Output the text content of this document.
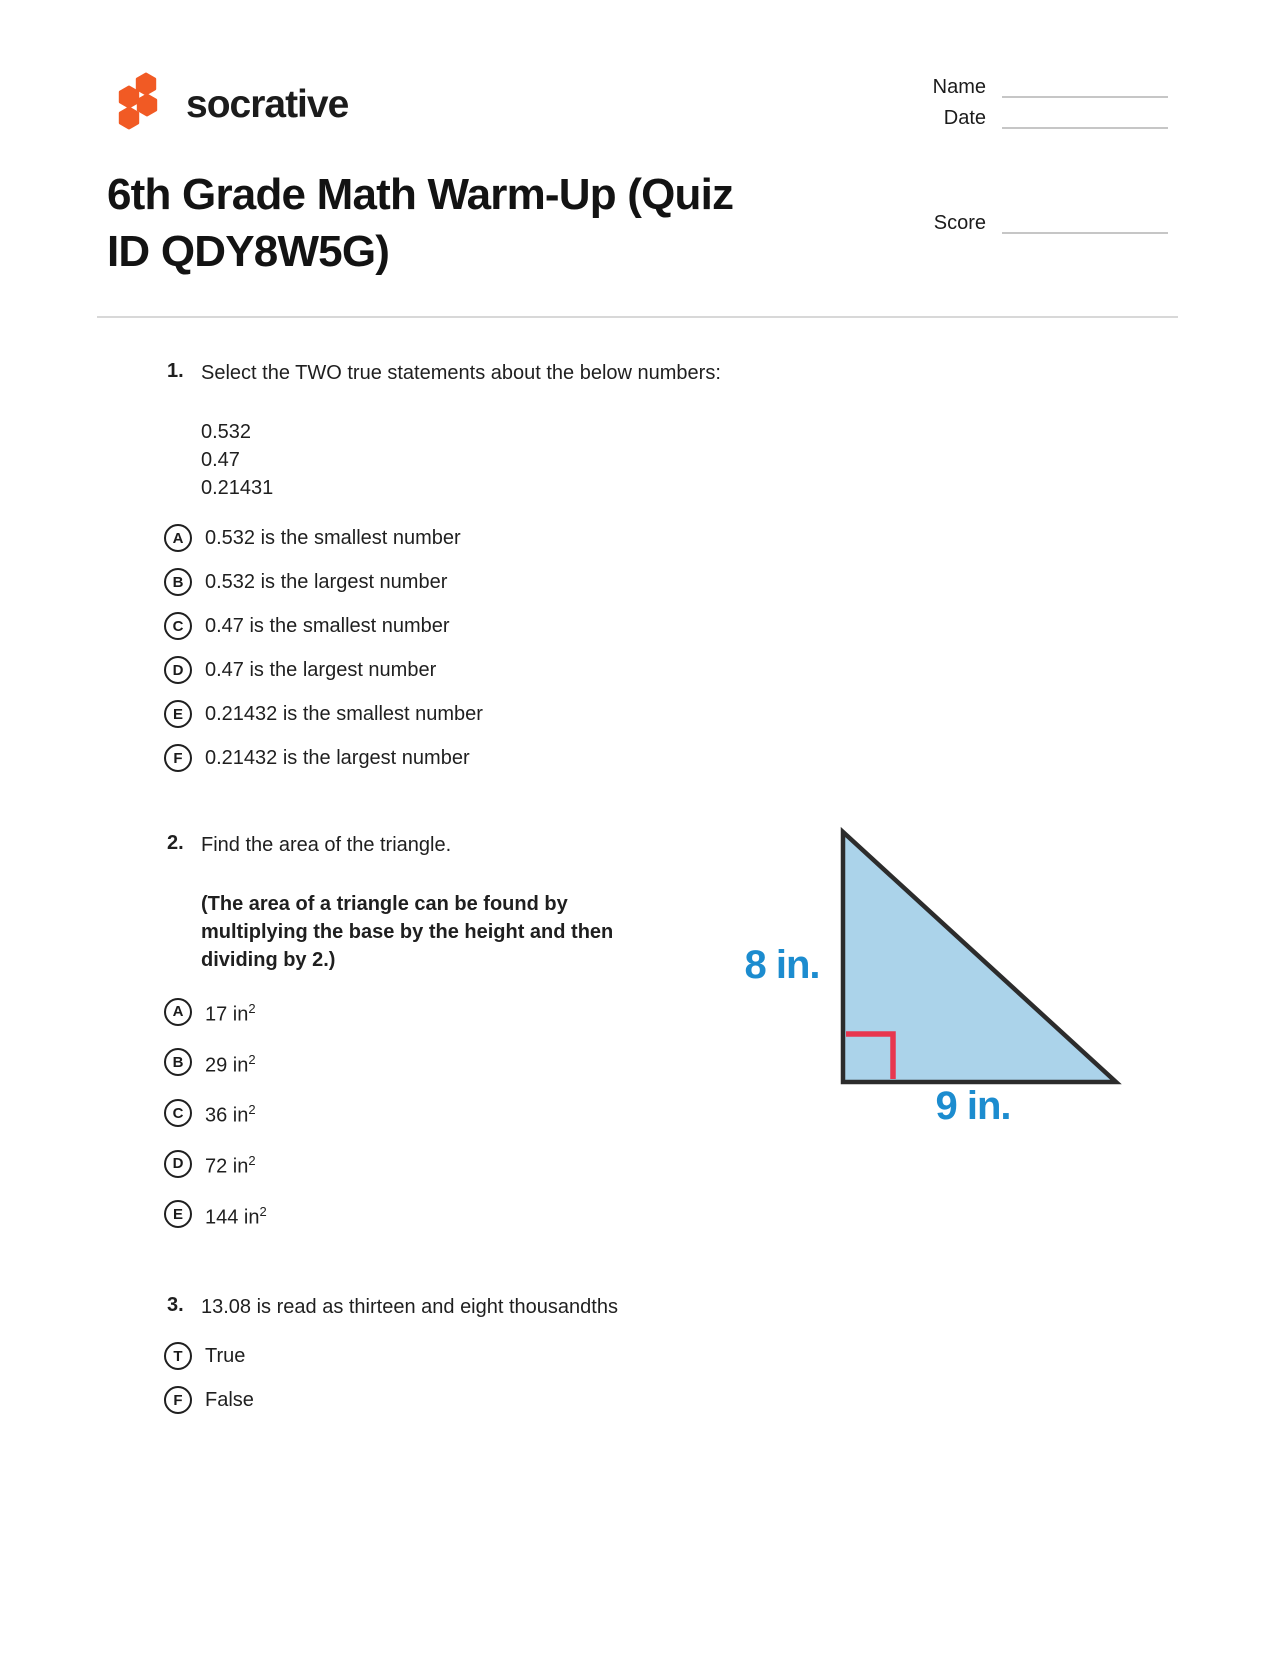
socrative	Name
Date
6th Grade Math Warm-Up (Quiz
ID QDY8W5G)
Score
1. Select the TWO true statements about the below numbers:
0.532
0.47
0.21431
A	0.532 is the smallest number
B	0.532 is the largest number
C	0.47 is the smallest number
D	0.47 is the largest number
E	0.21432 is the smallest number
F	0.21432 is the largest number
2. Find the area of the triangle.
(The area of a triangle can be found by
multiplying the base by the height and then
dividing by 2.)
A	17 $in^2$
B	29 $in^2$
C	36 $in^2$
D	72 $in^2$
E	144 $in^2$
8 in.
9 in.
3. 13.08 is read as thirteen and eight thousandths
T	True
F	False
